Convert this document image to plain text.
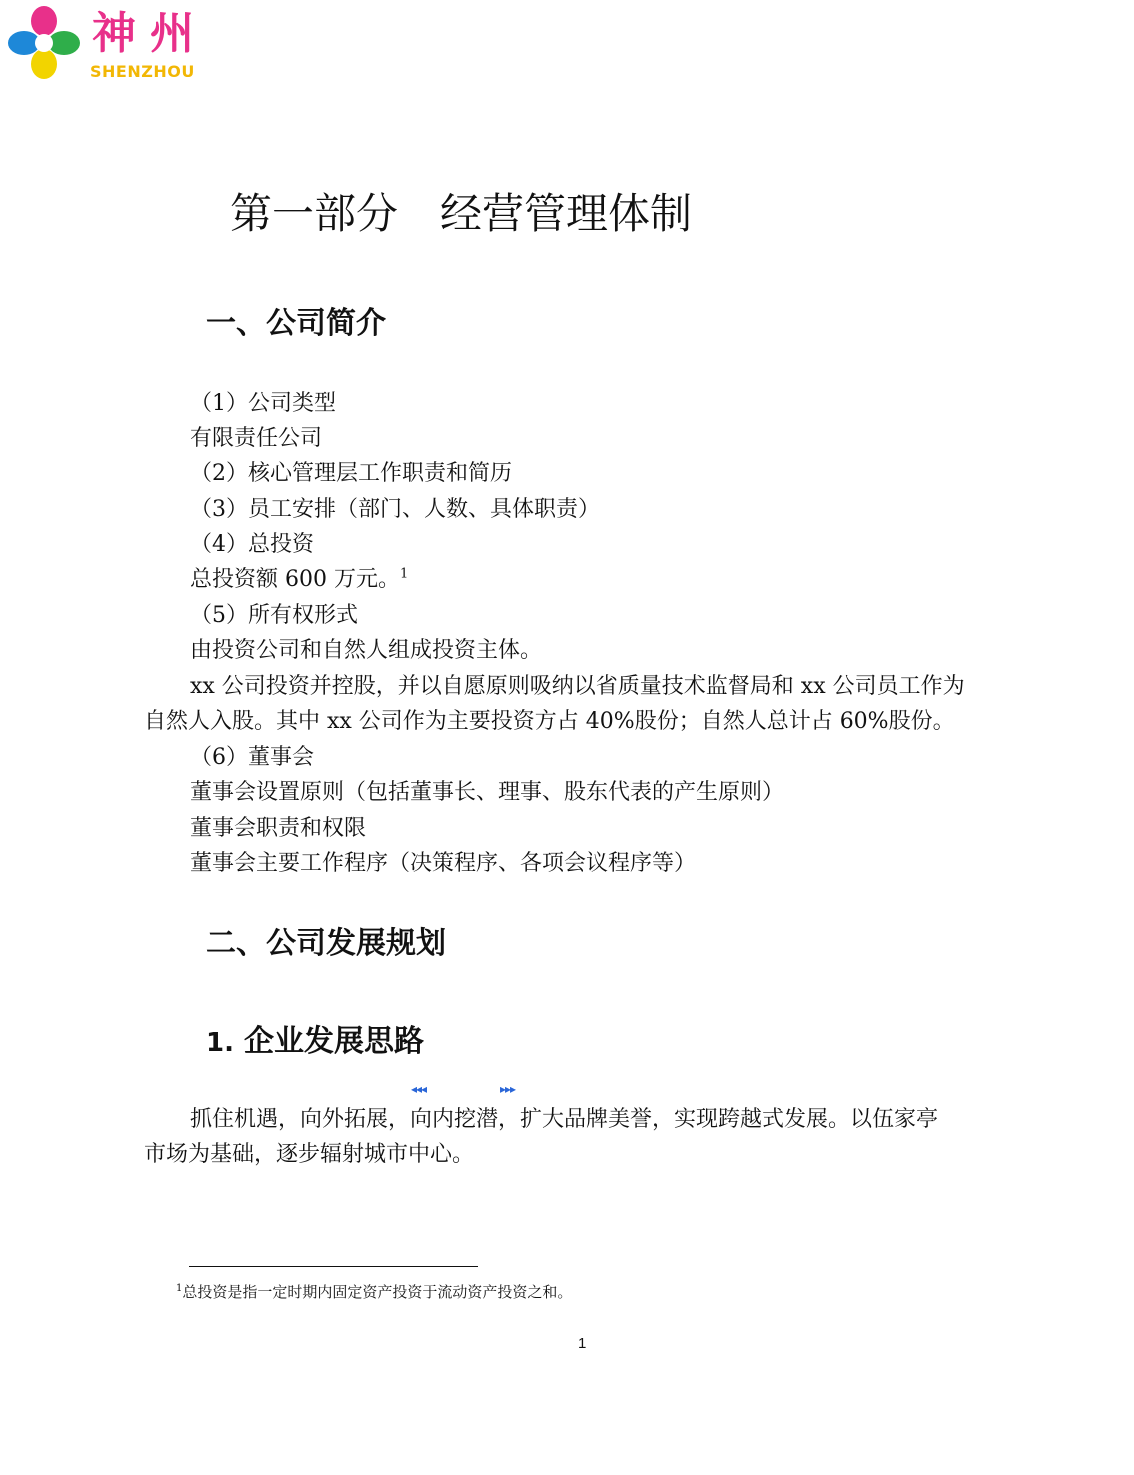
神州
SHENZHOU
第一部分　经营管理体制
一、公司简介

（1）公司类型

有限责任公司

（2）核心管理层工作职责和简历

（3）员工安排（部门、人数、具体职责）

（4）总投资

总投资额 600 万元。$^1$

（5）所有权形式

由投资公司和自然人组成投资主体。

xx 公司投资并控股，并以自愿原则吸纳以省质量技术监督局和 xx 公司员工作为

自然人入股。其中 xx 公司作为主要投资方占 40%股份；自然人总计占 60%股份。

（6）董事会

董事会设置原则（包括董事长、理事、股东代表的产生原则）

董事会职责和权限

董事会主要工作程序（决策程序、各项会议程序等）

二、公司发展规划
1. 企业发展思路
◂◂◂	▸▸▸

抓住机遇，向外拓展，向内挖潜，扩大品牌美誉，实现跨越式发展。以伍家亭

市场为基础，逐步辐射城市中心。

$^1$总投资是指一定时期内固定资产投资于流动资产投资之和。

1
